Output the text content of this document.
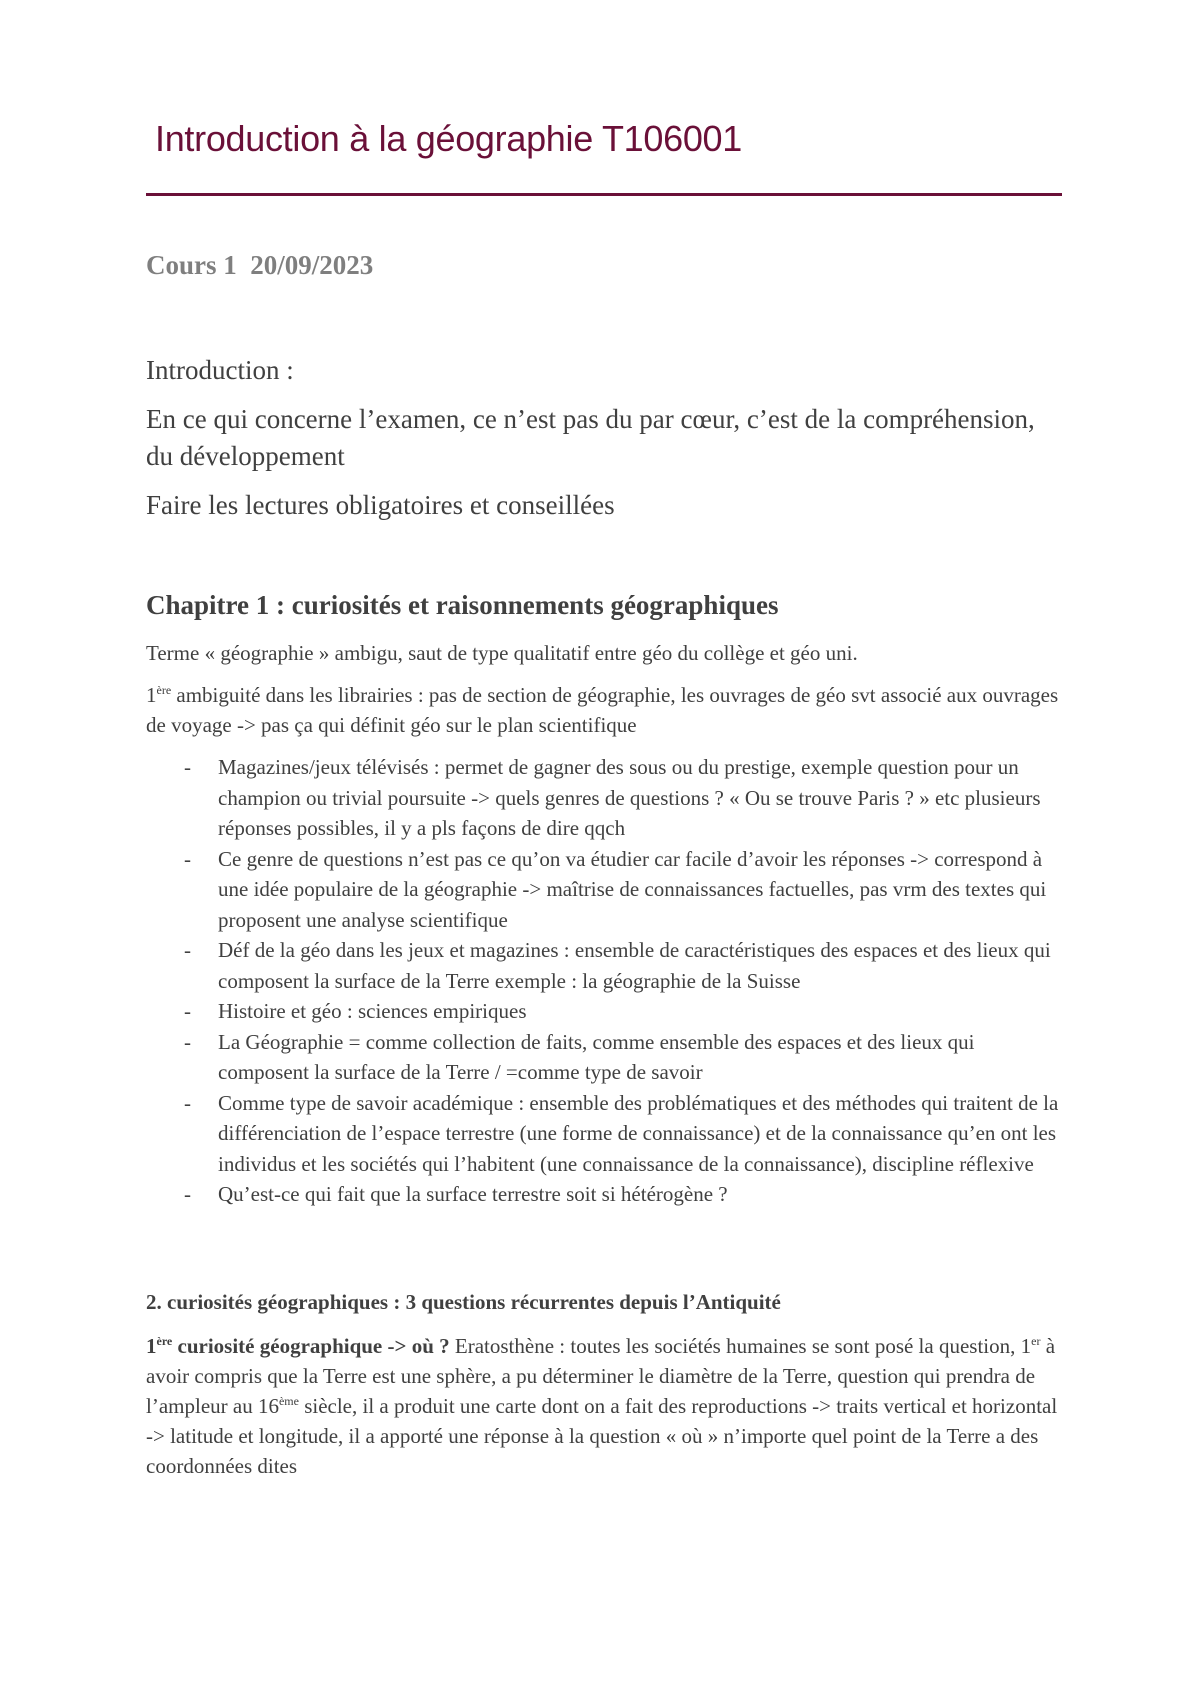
Introduction à la géographie T106001

Cours 1  20/09/2023

Introduction :

En ce qui concerne l’examen, ce n’est pas du par cœur, c’est de la compréhension, du développement

Faire les lectures obligatoires et conseillées

Chapitre 1 : curiosités et raisonnements géographiques

Terme « géographie » ambigu, saut de type qualitatif entre géo du collège et géo uni.

1ère ambiguité dans les librairies : pas de section de géographie, les ouvrages de géo svt associé aux ouvrages de voyage -> pas ça qui définit géo sur le plan scientifique

- Magazines/jeux télévisés : permet de gagner des sous ou du prestige, exemple question pour un champion ou trivial poursuite -> quels genres de questions ? « Ou se trouve Paris ? » etc plusieurs réponses possibles, il y a pls façons de dire qqch
- Ce genre de questions n’est pas ce qu’on va étudier car facile d’avoir les réponses -> correspond à une idée populaire de la géographie -> maîtrise de connaissances factuelles, pas vrm des textes qui proposent une analyse scientifique
- Déf de la géo dans les jeux et magazines : ensemble de caractéristiques des espaces et des lieux qui composent la surface de la Terre exemple : la géographie de la Suisse
- Histoire et géo : sciences empiriques
- La Géographie = comme collection de faits, comme ensemble des espaces et des lieux qui composent la surface de la Terre / =comme type de savoir
- Comme type de savoir académique : ensemble des problématiques et des méthodes qui traitent de la différenciation de l’espace terrestre (une forme de connaissance) et de la connaissance qu’en ont les individus et les sociétés qui l’habitent (une connaissance de la connaissance), discipline réflexive
- Qu’est-ce qui fait que la surface terrestre soit si hétérogène ?
2. curiosités géographiques : 3 questions récurrentes depuis l’Antiquité

1ère curiosité géographique -> où ? Eratosthène : toutes les sociétés humaines se sont posé la question, 1er à avoir compris que la Terre est une sphère, a pu déterminer le diamètre de la Terre, question qui prendra de l’ampleur au 16ème siècle, il a produit une carte dont on a fait des reproductions -> traits vertical et horizontal -> latitude et longitude, il a apporté une réponse à la question « où » n’importe quel point de la Terre a des coordonnées dites
